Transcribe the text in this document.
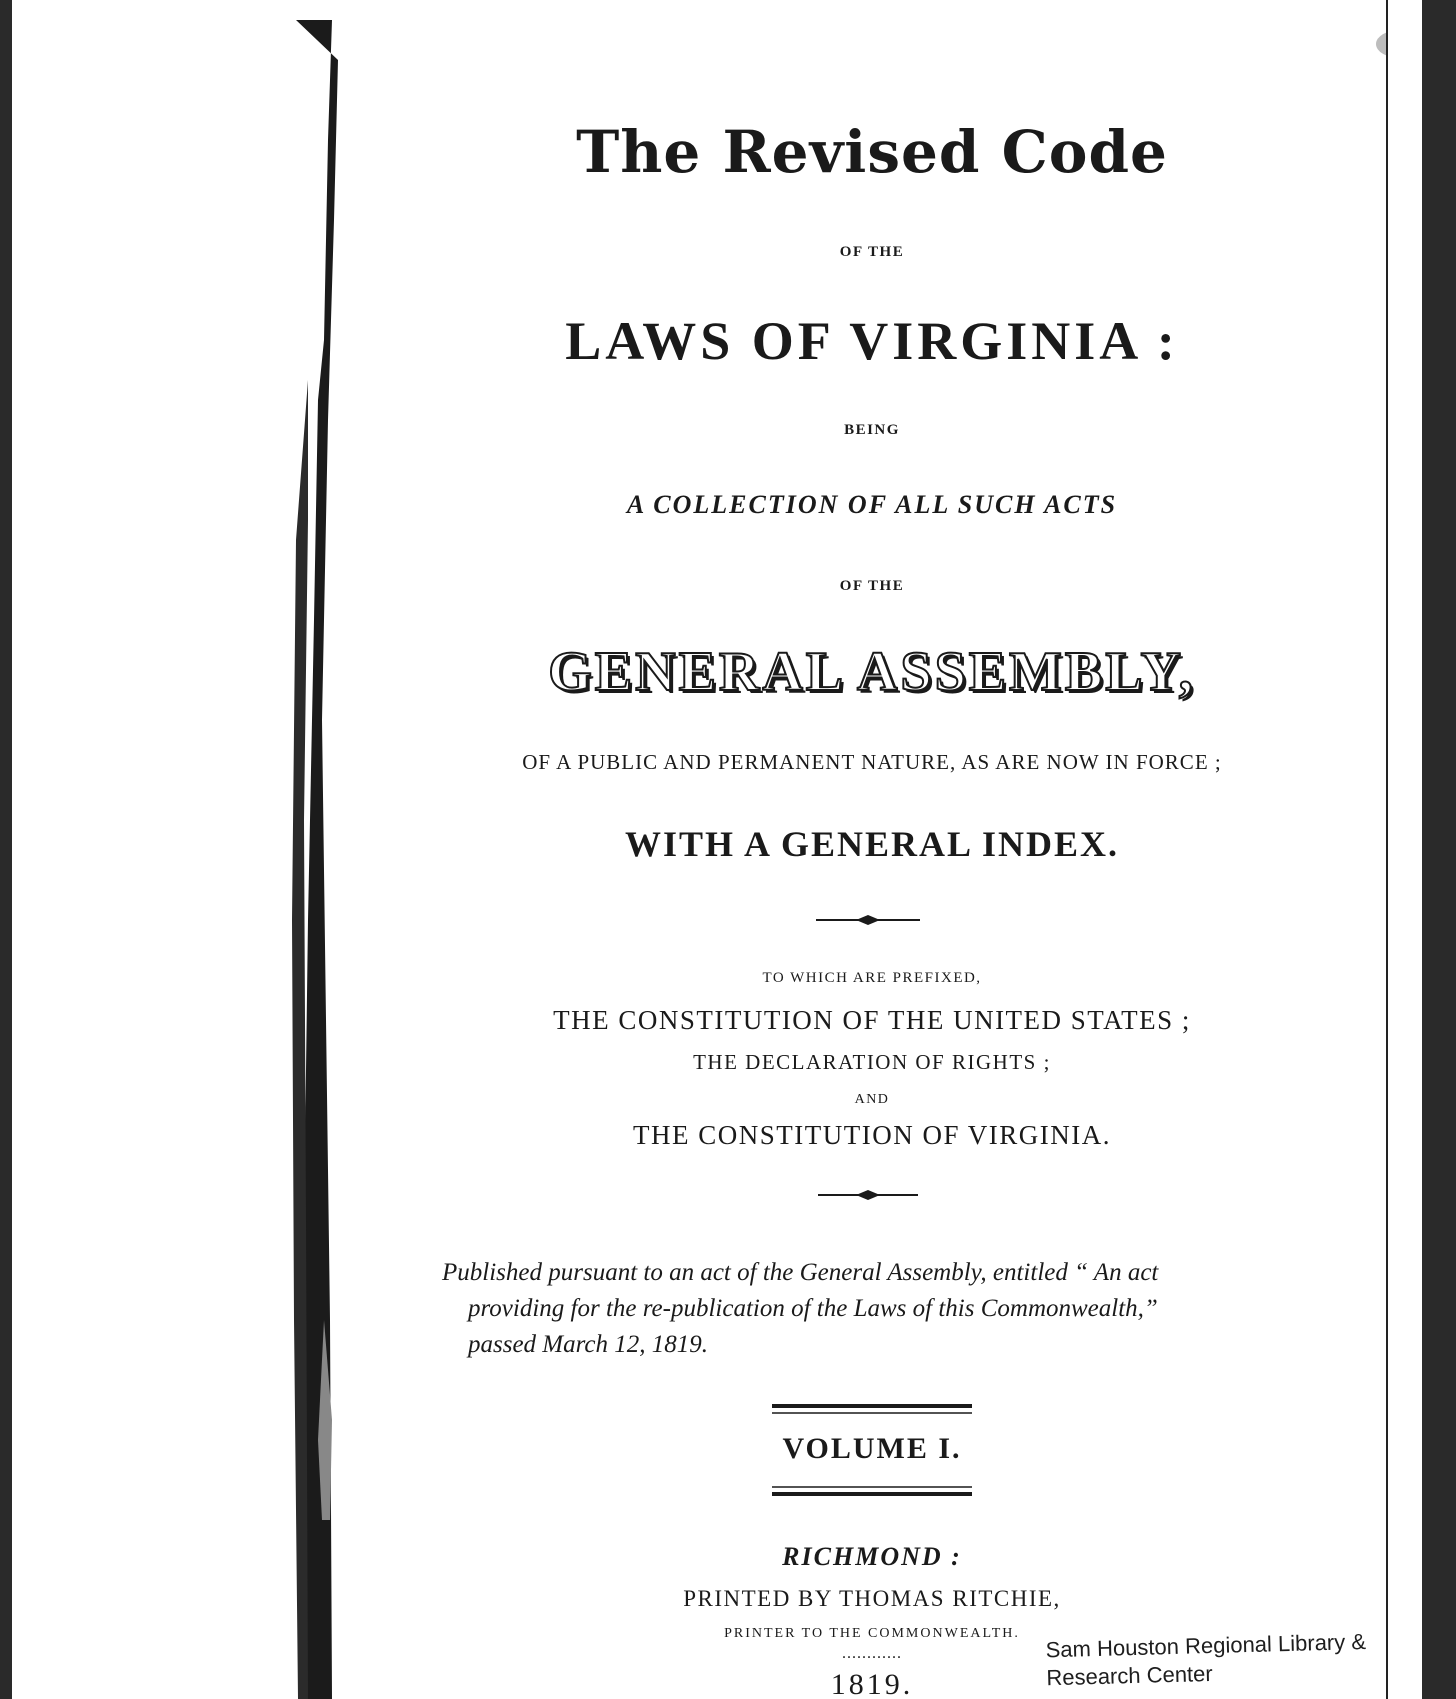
The Revised Code
OF THE
LAWS OF VIRGINIA :
BEING
A COLLECTION OF ALL SUCH ACTS
OF THE
GENERAL ASSEMBLY,
OF A PUBLIC AND PERMANENT NATURE, AS ARE NOW IN FORCE ;
WITH A GENERAL INDEX.
TO WHICH ARE PREFIXED,
THE CONSTITUTION OF THE UNITED STATES ;
THE DECLARATION OF RIGHTS ;
AND
THE CONSTITUTION OF VIRGINIA.
Published pursuant to an act of the General Assembly, entitled “ An act
providing for the re-publication of the Laws of this Commonwealth,”
passed March 12, 1819.
VOLUME I.
RICHMOND :
PRINTED BY THOMAS RITCHIE,
PRINTER TO THE COMMONWEALTH.
............
1819.
Sam Houston Regional Library &
Research Center
